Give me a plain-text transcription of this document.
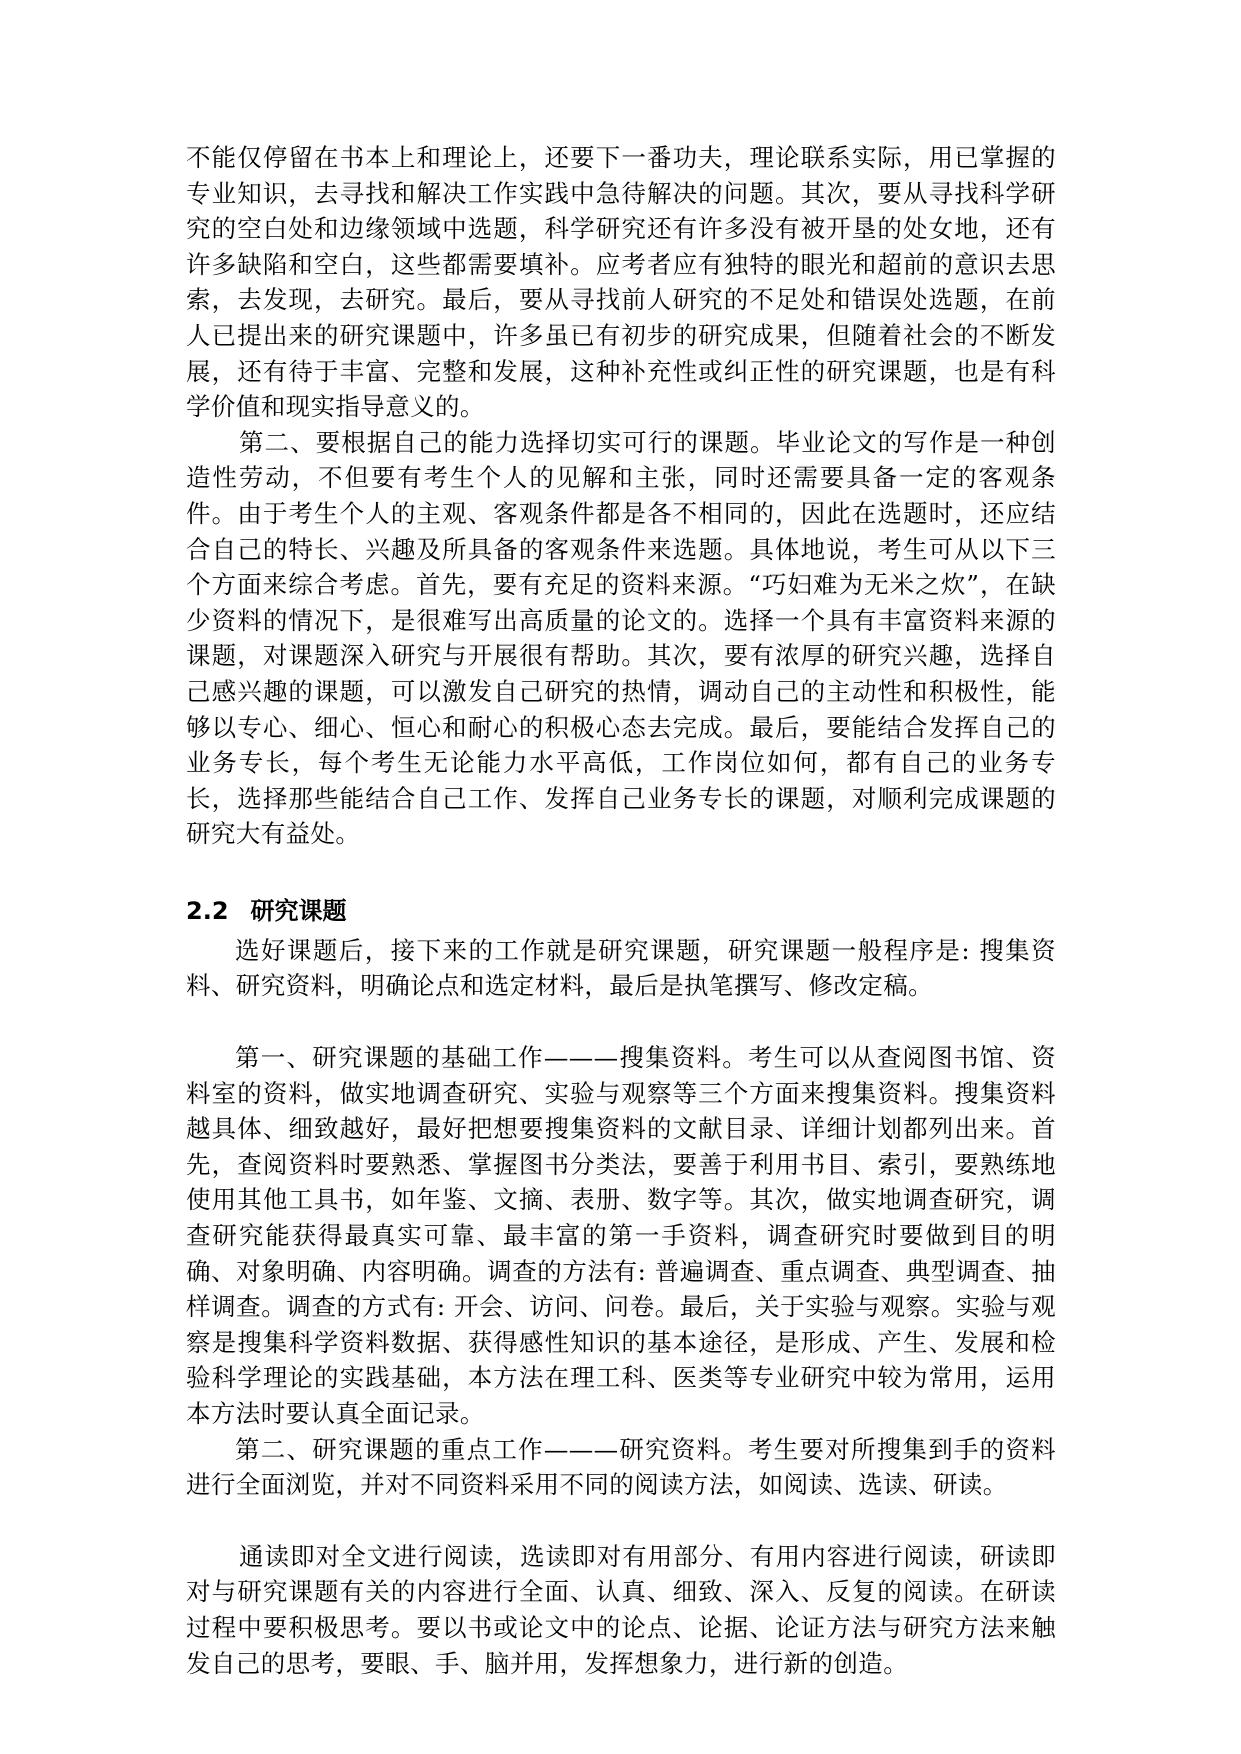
不能仅停留在书本上和理论上，还要下一番功夫，理论联系实际，用已掌握的专业知识，去寻找和解决工作实践中急待解决的问题。其次，要从寻找科学研究的空白处和边缘领域中选题，科学研究还有许多没有被开垦的处女地，还有许多缺陷和空白，这些都需要填补。应考者应有独特的眼光和超前的意识去思索，去发现，去研究。最后，要从寻找前人研究的不足处和错误处选题，在前人已提出来的研究课题中，许多虽已有初步的研究成果，但随着社会的不断发展，还有待于丰富、完整和发展，这种补充性或纠正性的研究课题，也是有科学价值和现实指导意义的。

第二、要根据自己的能力选择切实可行的课题。毕业论文的写作是一种创造性劳动，不但要有考生个人的见解和主张，同时还需要具备一定的客观条件。由于考生个人的主观、客观条件都是各不相同的，因此在选题时，还应结合自己的特长、兴趣及所具备的客观条件来选题。具体地说，考生可从以下三个方面来综合考虑。首先，要有充足的资料来源。“巧妇难为无米之炊”，在缺少资料的情况下，是很难写出高质量的论文的。选择一个具有丰富资料来源的课题，对课题深入研究与开展很有帮助。其次，要有浓厚的研究兴趣，选择自己感兴趣的课题，可以激发自己研究的热情，调动自己的主动性和积极性，能够以专心、细心、恒心和耐心的积极心态去完成。最后，要能结合发挥自己的业务专长，每个考生无论能力水平高低，工作岗位如何，都有自己的业务专长，选择那些能结合自己工作、发挥自己业务专长的课题，对顺利完成课题的研究大有益处。

2.2 研究课题

选好课题后，接下来的工作就是研究课题，研究课题一般程序是: 搜集资料、研究资料，明确论点和选定材料，最后是执笔撰写、修改定稿。

第一、研究课题的基础工作———搜集资料。考生可以从查阅图书馆、资料室的资料，做实地调查研究、实验与观察等三个方面来搜集资料。搜集资料越具体、细致越好，最好把想要搜集资料的文献目录、详细计划都列出来。首先，查阅资料时要熟悉、掌握图书分类法，要善于利用书目、索引，要熟练地使用其他工具书，如年鉴、文摘、表册、数字等。其次，做实地调查研究，调查研究能获得最真实可靠、最丰富的第一手资料，调查研究时要做到目的明确、对象明确、内容明确。调查的方法有: 普遍调查、重点调查、典型调查、抽样调查。调查的方式有: 开会、访问、问卷。最后，关于实验与观察。实验与观察是搜集科学资料数据、获得感性知识的基本途径，是形成、产生、发展和检验科学理论的实践基础，本方法在理工科、医类等专业研究中较为常用，运用本方法时要认真全面记录。

第二、研究课题的重点工作———研究资料。考生要对所搜集到手的资料进行全面浏览，并对不同资料采用不同的阅读方法，如阅读、选读、研读。

通读即对全文进行阅读，选读即对有用部分、有用内容进行阅读，研读即对与研究课题有关的内容进行全面、认真、细致、深入、反复的阅读。在研读过程中要积极思考。要以书或论文中的论点、论据、论证方法与研究方法来触发自己的思考，要眼、手、脑并用，发挥想象力，进行新的创造。
